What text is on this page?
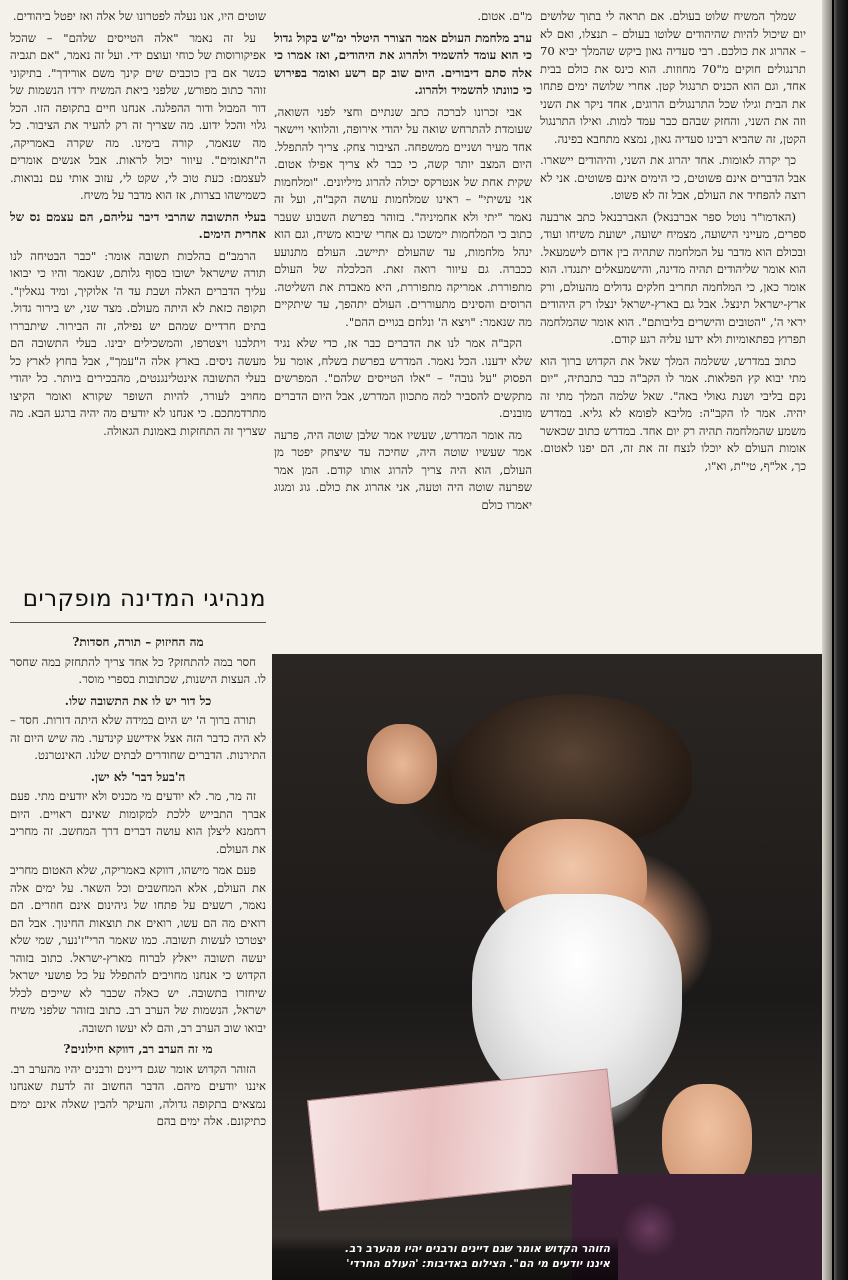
שמלך המשיח שלוט בעולם. אם תראה לי בתוך שלושים יום שיכול להיות שהיהודים שלוטו בעולם – תנצלו, ואם לא – אהרוג את כולכם. רבי סעדיה גאון ביקש שהמלך יביא 70 תרנגולים חוקים מ"70 מחוזות. הוא כינס את כולם בבית אחד, וגם הוא הכניס תרנגול קטן. אחרי שלושה ימים פתחו את הבית וגילו שכל התרנגולים הרוגים, אחד ניקר את השני וזה את השני, והחזק שבהם כבר עמד למות. ואילו התרנגול הקטן, זה שהביא רבינו סעדיה גאון, נמצא מתחבא בפינה.

כך יקרה לאומות. אחד יהרוג את השני, והיהודים יישארו. אבל הדברים אינם פשוטים, כי הימים אינם פשוטים. אני לא רוצה להפחיד את העולם, אבל זה לא פשוט.

(האדמו"ר נוטל ספר אברבנאל) האברבנאל כתב ארבעה ספרים, מעייני הישועה, מצמיח ישועה, ישועת משיחו ועוד, ובכולם הוא מדבר על המלחמה שתהיה בין אדום לישמעאל. הוא אומר שליהודים תהיה מדינה, והישמעאלים יתנגדו. הוא אומר כאן, כי המלחמה תחריב חלקים גדולים מהעולם, ורק ארץ-ישראל תינצל. אבל גם בארץ-ישראל ינצלו רק היהודים יראי ה', "הטובים והישרים בליבותם". הוא אומר שהמלחמה תפרוץ בפתאומיות ולא ידעו עליה רגע קודם.

כתוב במדרש, ששלמה המלך שאל את הקדוש ברוך הוא מתי יבוא קץ הפלאות. אמר לו הקב"ה כבר כתבתיה, "יום נקם בליבי ושנת גאולי באה". שאל שלמה המלך מתי זה יהיה. אמר לו הקב"ה: מליבא לפומא לא גליא. במדרש משמע שהמלחמה תהיה רק יום אחד. במדרש כתוב שכאשר אומות העולם לא יוכלו לנצח זה את זה, הם יפנו לאטום. כך, אל"ף, טי"ת, וא"ו,

מ"ם. אטום.

ערב מלחמת העולם אמר הצורר היטלר ימ"ש בקול גדול כי הוא עומד להשמיד ולהרוג את היהודים, ואז אמרו כי אלה סתם דיבורים. היום שוב קם רשע ואומר בפירוש כי כוונתו להשמיד ולהרוג.

אבי זכרונו לברכה כתב שנתיים וחצי לפני השואה, שעומדת להתרחש שואה על יהודי אירופה, והלוואי ויישאר אחד מעיר ושניים ממשפחה. הציבור צחק. צריך להתפלל. היום המצב יותר קשה, כי כבר לא צריך אפילו אטום. שקית אחת של אנטרקס יכולה להרוג מיליונים. "ומלחמות אני עשיתי" – ראינו שמלחמות עושה הקב"ה, ועל זה נאמר "יתי ולא אחמיניה". בזוהר בפרשת השבוע שעבר כתוב כי המלחמות יימשכו גם אחרי שיבוא משיח, וגם הוא ינהל מלחמות, עד שהעולם יתיישב. העולם מתנועע ככברה. גם עיוור רואה זאת. הכלכלה של העולם מתפוררת. אמריקה מתפוררת, היא מאבדת את השליטה. הרוסים והסינים מתעוררים. העולם יתהפך, עד שיתקיים מה שנאמר: "ויצא ה' ונלחם בגויים ההם".

הקב"ה אמר לנו את הדברים כבר אז, כדי שלא נגיד שלא ידענו. הכל נאמר. המדרש בפרשת בשלח, אומר על הפסוק "על גובה" – "אלו הטייסים שלהם". המפרשים מתקשים להסביר למה מתכוון המדרש, אבל היום הדברים מובנים.

מה אומר המדרש, שעשיו אמר שלבן שוטה היה, פרעה אמר שעשיו שוטה היה, שחיכה עד שיצחק יפטר מן העולם, הוא היה צריך להרוג אותו קודם. המן אמר שפרעה שוטה היה וטעה, אני אהרוג את כולם. גוג ומגוג יאמרו כולם

שוטים היו, אנו נעלה לפטרונו של אלה ואז יפטל ביהודים.

על זה נאמר "אלה הטייסים שלהם" – שהכל אפיקורוסות של כוחי ועוצם ידי. ועל זה נאמר, "אם תגביה כנשר אם בין כוכבים שים קינך משם אורידך". בתיקוני זוהר כתוב מפורש, שלפני ביאת המשיח ירדו הנשמות של דור המבול ודור ההפלגה. אנחנו חיים בתקופה הזו. הכל גלוי והכל ידוע. מה שצריך זה רק להעיר את הציבור. כל מה שנאמר, קורה בימינו. מה שקרה באמריקה, ה"תאומים". עיוור יכול לראות. אבל אנשים אומרים לעצמם: כעת טוב לי, שקט לי, עזוב אותי עם נבואות. כשמישהו בצרות, אז הוא מדבר על משיח.

בעלי התשובה שהרבי דיבר עליהם, הם עצמם נס של אחרית הימים.

הרמב"ם בהלכות תשובה אומר: "כבר הבטיחה לנו תורה שישראל ישובו בסוף גלותם, שנאמר והיו כי יבואו עליך הדברים האלה ושבת עד ה' אלוקיך, ומיד נגאלין". תקופה כזאת לא היתה מעולם. מצד שני, יש בירור גדול. בתים חרדיים שמהם יש נפילה, זה הבירור. שיתבררו ויתלבנו ויצטרפו, והמשכילים יבינו. בעלי התשובה הם מעשה ניסים. בארץ אלה ה"עמך", אבל בחוץ לארץ כל בעלי התשובה אינטלינגנטים, מהבכירים ביותר. כל יהודי מחויב לעורר, להיות השופר שקורא ואומר הקיצו מתרדמתכם. כי אנחנו לא יודעים מה יהיה ברגע הבא. מה שצריך זה התחזקות באמונת הגאולה.

מנהיגי המדינה מופקרים

מה החיזוק – תורה, חסדות?

חסר במה להתחזק? כל אחד צריך להתחזק במה שחסר לו. העצות הישנות, שכתובות בספרי מוסר.

כל דור יש לו את התשובה שלו.

תורה ברוך ה' יש היום במידה שלא היתה דורות. חסד – לא היה כדבר הזה אצל אידישע קינדער. מה שיש היום זה התירנות. הדברים שחודרים לבתים שלנו. האינטרנט.

ה'בעל דבר' לא ישן.

זה מר, מר. לא יודעים מי מכניס ולא יודעים מתי. פעם אברך התבייש ללכת למקומות שאינם ראויים. היום רחמנא ליצלן הוא עושה דברים דרך המחשב. זה מחריב את העולם.

פעם אמר מישהו, דווקא באמריקה, שלא האטום מחריב את העולם, אלא המחשבים וכל השאר. על ימים אלה נאמר, רשעים על פתחו של גיהינום אינם חוזרים. הם רואים מה הם עשו, רואים את תוצאות החינוך. אבל הם יצטרכו לעשות תשובה. כמו שאמר הרי"ז'נער, שמי שלא יעשה תשובה ייאלץ לברוח מארץ-ישראל. כתוב בזוהר הקדוש כי אנחנו מחויבים להתפלל על כל פושעי ישראל שיחזרו בתשובה. יש כאלה שכבר לא שייכים לכלל ישראל, הנשמות של הערב רב. כתוב בזוהר שלפני משיח יבואו שוב הערב רב, והם לא יעשו תשובה.

מי זה הערב רב, דווקא חילונים?

הזוהר הקדוש אומר שגם דיינים ורבנים יהיו מהערב רב. איננו יודעים מיהם. הדבר החשוב זה לדעת שאנחנו נמצאים בתקופה גדולה, והעיקר להבין שאלה אינם ימים כתיקונם. אלה ימים בהם

הזוהר הקדוש אומר שגם דיינים ורבנים יהיו מהערב רב.
איננו יודעים מי הם". הצילום באדיבות: 'העולם החרדי'
